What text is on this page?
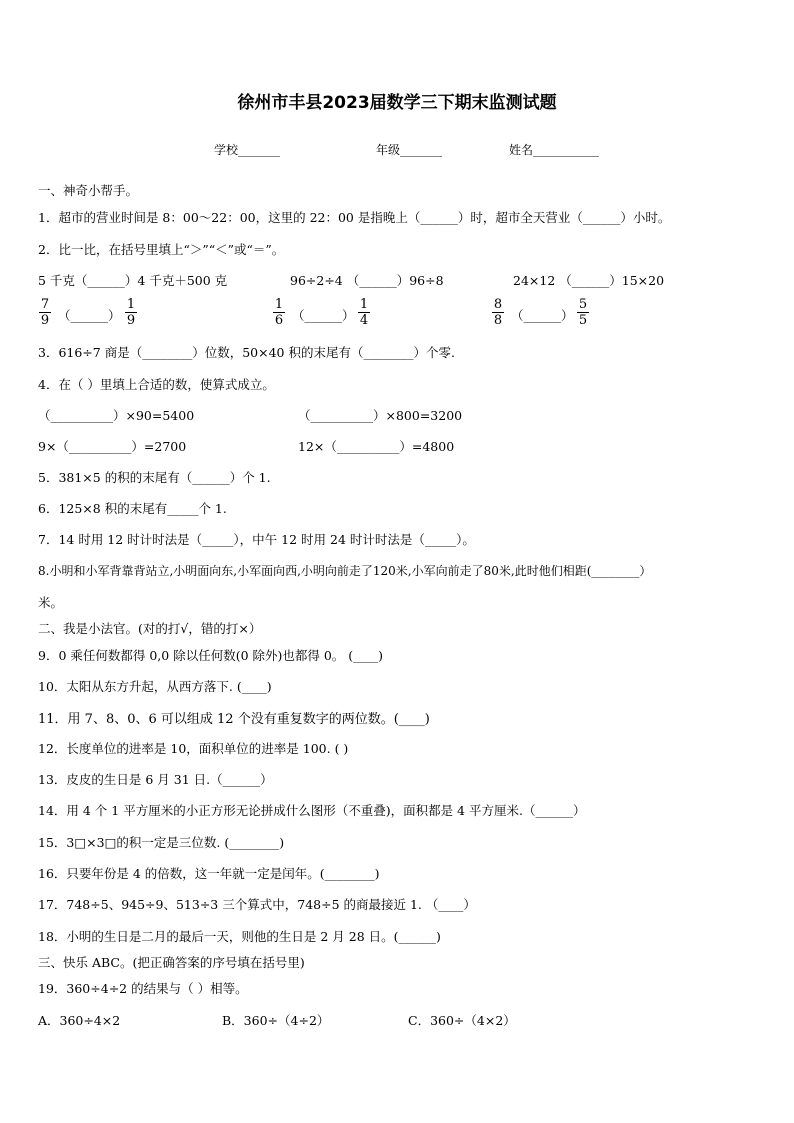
徐州市丰县2023届数学三下期末监测试题
学校_______	年级_______	姓名___________
一、神奇小帮手。
1．超市的营业时间是 8：00～22：00，这里的 22：00 是指晚上（______）时，超市全天营业（______）小时。
2．比一比，在括号里填上“＞”“＜”或“＝”。
5 千克（______）4 千克＋500 克	96÷2÷4 （______）96÷8	24×12 （______）15×20
$\frac{7}{9}$ （______） $\frac{1}{9}$	$\frac{1}{6}$ （______） $\frac{1}{4}$	$\frac{8}{8}$ （______） $\frac{5}{5}$
3．616÷7 商是（________）位数，50×40 积的末尾有（________）个零.
4．在（ ）里填上合适的数，使算式成立。
（__________）×90=5400	（__________）×800=3200
9×（__________）=2700	12×（__________）=4800
5．381×5 的积的末尾有（______）个 1.
6．125×8 积的末尾有_____个 1.
7．14 时用 12 时计时法是（_____），中午 12 时用 24 时计时法是（_____）。
8.小明和小军背靠背站立,小明面向东,小军面向西,小明向前走了120米,小军向前走了80米,此时他们相距(________）
米。
二、我是小法官。(对的打√，错的打×）
9．0 乘任何数都得 0,0 除以任何数(0 除外)也都得 0。 (____)
10．太阳从东方升起，从西方落下. (____)
11．用 7、8、0、6 可以组成 12 个没有重复数字的两位数。(____)
12．长度单位的进率是 10，面积单位的进率是 100. ( )
13．皮皮的生日是 6 月 31 日.（______）
14．用 4 个 1 平方厘米的小正方形无论拼成什么图形（不重叠)，面积都是 4 平方厘米.（______）
15．3□×3□的积一定是三位数. (________)
16．只要年份是 4 的倍数，这一年就一定是闰年。(________)
17．748÷5、945÷9、513÷3 三个算式中，748÷5 的商最接近 1. （____）
18．小明的生日是二月的最后一天，则他的生日是 2 月 28 日。(______)
三、快乐 ABC。(把正确答案的序号填在括号里)
19．360÷4÷2 的结果与（ ）相等。
A．360÷4×2	B．360÷（4÷2）	C．360÷（4×2）
